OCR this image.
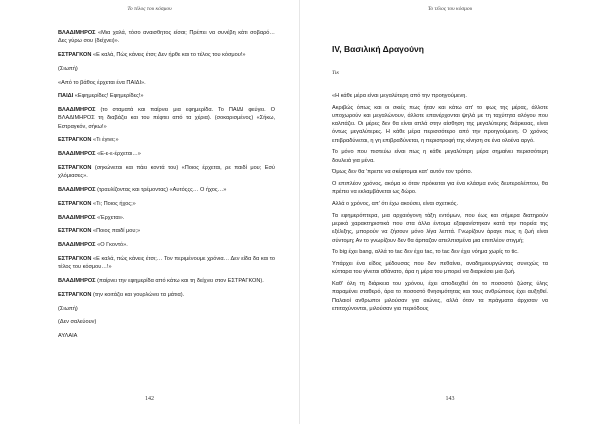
Το τέλος του κόσμου
ΒΛΑΔΙΜΗΡΟΣ «Μια χαλά, τόσο αναισθητος είσαι; Πρέπει να συνέβη κάτι σοβαρό… Δες γύρω σου (δείχνει)».
ΕΣΤΡΑΓΚΟΝ «Ε καλά, Πώς κάνεις έτσι; Δεν ήρθε και το τέλος του κόσμου!»
(Σιωπή)
«Από το βάθος έρχεται ένα ΠΑΙΔΙ».
ΠΑΙΔΙ «Εφημερίδες! Εφημερίδες!»
ΒΛΑΔΙΜΗΡΟΣ (το σταματά και παίρνει μια εφημερίδα. Το ΠΑΙΔΙ φεύγει. Ο ΒΛΑΔΙΜΗΡΟΣ τη διαβάζει και του πέφτει από τα χέρια). (σοκαρισμένος) «Σήκω, Εστραγκόν, σήκω!»
ΕΣΤΡΑΓΚΟΝ «Τι έγινε;»
ΒΛΑΔΙΜΗΡΟΣ «Ε-ε-ε-έρχεται…»
ΕΣΤΡΑΓΚΟΝ (σηκώνεται και πάει κοντά του) «Ποιος έρχεται, ρε παιδί μου; Εσύ χλόμιασες».
ΒΛΑΔΙΜΗΡΟΣ (τραυλίζοντας και τρέμοντας) «Αυτόςςς… Ο ήχος…»
ΕΣΤΡΑΓΚΟΝ «Τι; Ποιος ήχος;»
ΒΛΑΔΙΜΗΡΟΣ «Έρχεται».
ΕΣΤΡΑΓΚΟΝ «Ποιος παιδί μου;»
ΒΛΑΔΙΜΗΡΟΣ «Ο Γκοντό».
ΕΣΤΡΑΓΚΟΝ «Ε καλά, πώς κάνεις έτσι;… Τον περιμένουμε χρόνια… Δεν είδα δα και το τέλος του κόσμου…!»
ΒΛΑΔΙΜΗΡΟΣ (παίρνει την εφημερίδα από κάτω και τη δείχνει στον ΕΣΤΡΑΓΚΟΝ).
ΕΣΤΡΑΓΚΟΝ (την κοιτάζει και γουρλώνει τα μάτια).
(Σιωπή)
(Δεν σαλεύουν)
ΑΥΛΑΙΑ
142
Το τέλος του κόσμου
IV, Βασιλική Δραγούνη
Τικ
«Η κάθε μέρα είναι μεγαλύτερη από την προηγούμενη.
Ακριβώς όπως και οι σκιές πως ήταν και κάτω απ' το φως της μέρας, άλλοτε υποχωρούν και μεγαλώνουν, άλλοτε επανέρχονται ψηλά με τη ταχύτητα αλόγου που καλπάζει. Οι μέρες δεν θα είναι απλά στην αίσθηση της μεγαλύτερης διάρκειας, είναι όντως μεγαλύτερες. Η κάθε μέρα περισσότερο από την προηγούμενη. Ο χρόνος επιβραδύνεται, η γη επιβραδύνεται, η περιστροφή της κίνηση σε ένα ολοένα αργό.
Το μόνο που πιστεύω είναι πως η κάθε μεγαλύτερη μέρα σημαίνει περισσότερη δουλειά για μένα.
Όμως δεν θα 'πρεπε να σκέφτομαι κατ' αυτόν τον τρόπο.
Ο επιπλέον χρόνος, ακόμα κι όταν πρόκειται για ένα κλάσμα ενός δευτερολέπτου, θα πρέπει να εκλαμβάνεται ως δώρο.
Αλλά ο χρόνος, απ' ότι έχω ακούσει, είναι σχετικός.
Τα εφημερόπτερα, μια αρχαιόγονη τάξη εντόμων, που έως και σήμερα διατηρούν μερικά χαρακτηριστικά που στα άλλα έντομα εξαφανίστηκαν κατά την πορεία της εξέλιξης, μπορούν να ζήσουν μόνο λίγα λεπτά. Γνωρίζουν άραγε πως η ζωή είναι σύντομη; Αν το γνωρίζουν δεν θα άρπαζαν απελπισμένα μια επιπλέον στιγμή;
Το big έχει bang, αλλά το tac δεν έχει tac, το tac δεν έχει νόημα χωρίς το tic.
Υπάρχει ένα είδος μέδουσας που δεν πεθαίνει, αναδημιουργώντας συνεχώς τα κύτταρα του γίνεται αθάνατο, άρα η μέρα του μπορεί να διαρκέσει μια ζωή.
Καθ' όλη τη διάρκεια του χρόνου, έχει αποδειχθεί ότι το ποσοστό ζώσης ύλης παραμένει σταθερό, άρα το ποσοστό θνησιμότητας και τους ανθρώπους έχει αυξηθεί. Παλαιοί ανθρωποι μιλούσαν για αιώνες, αλλά όταν τα πράγματα άρχισαν να επιταχύνονται, μιλούσαν για περιόδους
143
